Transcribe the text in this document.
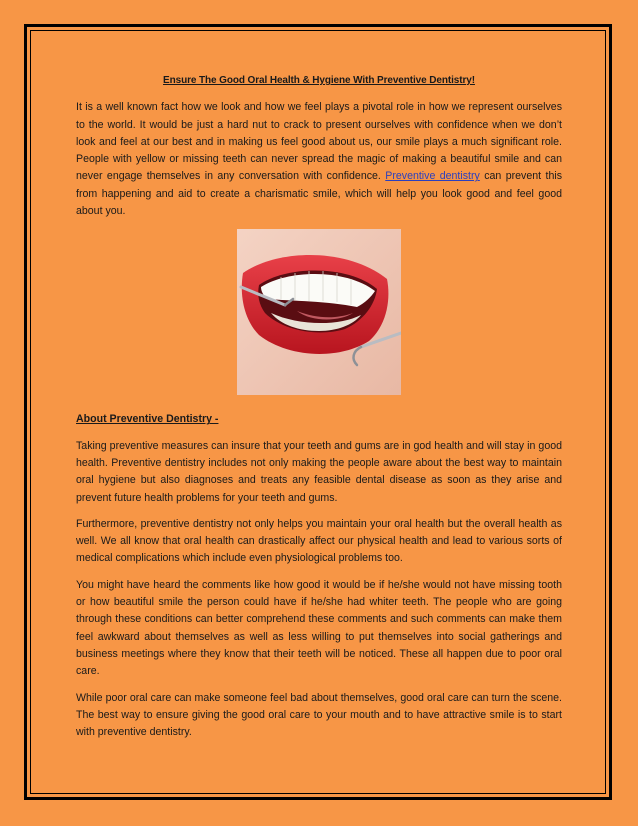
Ensure The Good Oral Health & Hygiene With Preventive Dentistry!

It is a well known fact how we look and how we feel plays a pivotal role in how we represent ourselves to the world. It would be just a hard nut to crack to present ourselves with confidence when we don’t look and feel at our best and in making us feel good about us, our smile plays a much significant role. People with yellow or missing teeth can never spread the magic of making a beautiful smile and can never engage themselves in any conversation with confidence. Preventive dentistry can prevent this from happening and aid to create a charismatic smile, which will help you look good and feel good about you.

About Preventive Dentistry -

Taking preventive measures can insure that your teeth and gums are in god health and will stay in good health. Preventive dentistry includes not only making the people aware about the best way to maintain oral hygiene but also diagnoses and treats any feasible dental disease as soon as they arise and prevent future health problems for your teeth and gums.

Furthermore, preventive dentistry not only helps you maintain your oral health but the overall health as well. We all know that oral health can drastically affect our physical health and lead to various sorts of medical complications which include even physiological problems too.

You might have heard the comments like how good it would be if he/she would not have missing tooth or how beautiful smile the person could have if he/she had whiter teeth. The people who are going through these conditions can better comprehend these comments and such comments can make them feel awkward about themselves as well as less willing to put themselves into social gatherings and business meetings where they know that their teeth will be noticed. These all happen due to poor oral care.

While poor oral care can make someone feel bad about themselves, good oral care can turn the scene. The best way to ensure giving the good oral care to your mouth and to have attractive smile is to start with preventive dentistry.
